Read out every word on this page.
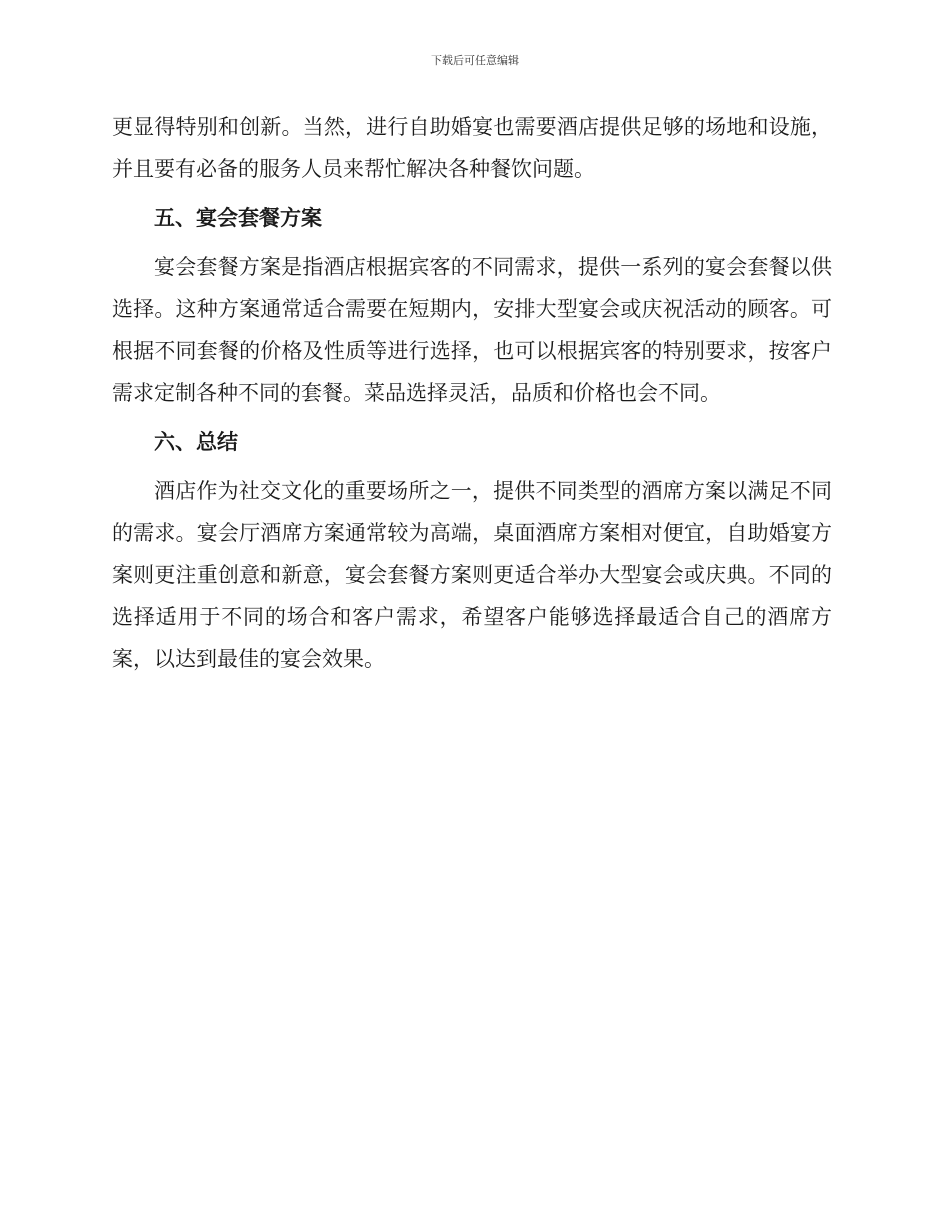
下载后可任意编辑

更显得特别和创新。当然，进行自助婚宴也需要酒店提供足够的场地和设施，并且要有必备的服务人员来帮忙解决各种餐饮问题。

五、宴会套餐方案

宴会套餐方案是指酒店根据宾客的不同需求，提供一系列的宴会套餐以供选择。这种方案通常适合需要在短期内，安排大型宴会或庆祝活动的顾客。可根据不同套餐的价格及性质等进行选择，也可以根据宾客的特别要求，按客户需求定制各种不同的套餐。菜品选择灵活，品质和价格也会不同。

六、总结

酒店作为社交文化的重要场所之一，提供不同类型的酒席方案以满足不同的需求。宴会厅酒席方案通常较为高端，桌面酒席方案相对便宜，自助婚宴方案则更注重创意和新意，宴会套餐方案则更适合举办大型宴会或庆典。不同的选择适用于不同的场合和客户需求，希望客户能够选择最适合自己的酒席方案，以达到最佳的宴会效果。
